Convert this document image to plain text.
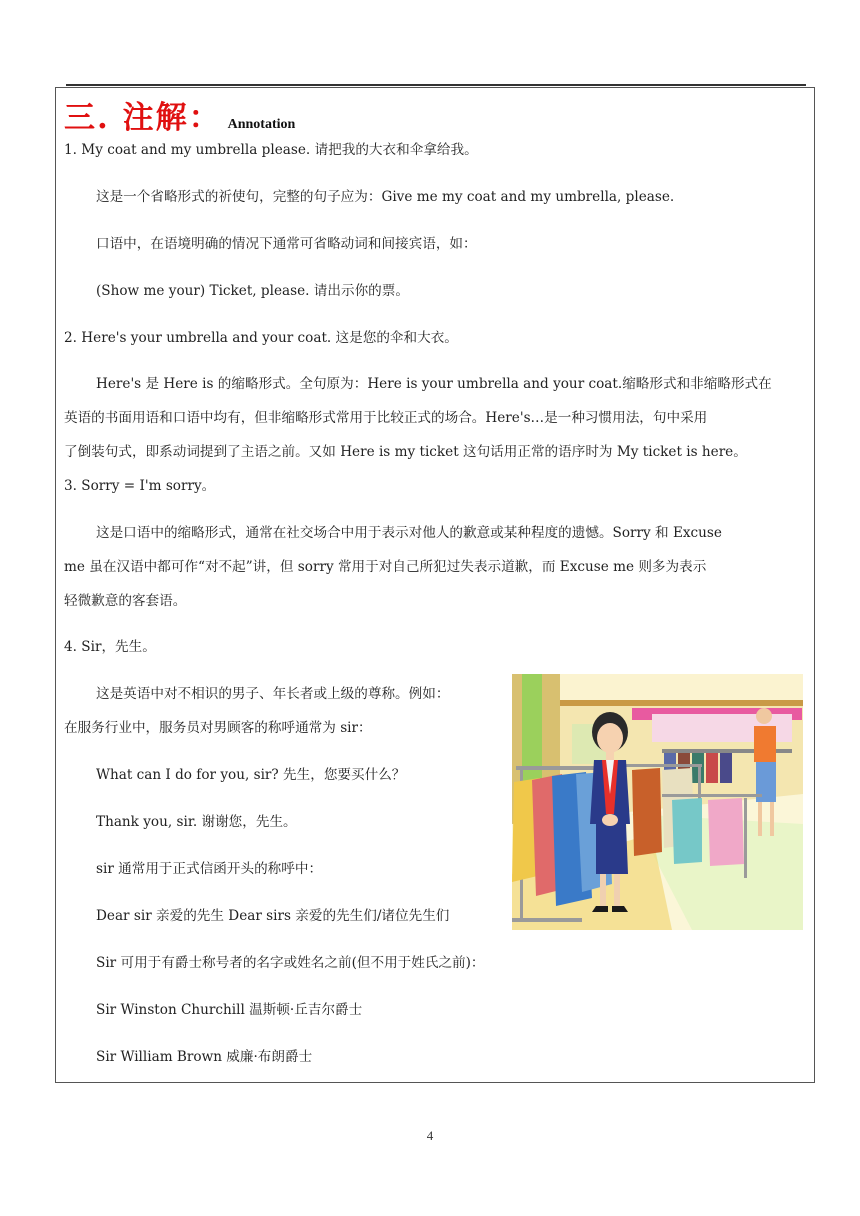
三. 注解： Annotation
1. My coat and my umbrella please. 请把我的大衣和伞拿给我。
这是一个省略形式的祈使句，完整的句子应为：Give me my coat and my umbrella, please.
口语中，在语境明确的情况下通常可省略动词和间接宾语，如：
(Show me your) Ticket, please. 请出示你的票。
2. Here's your umbrella and your coat. 这是您的伞和大衣。
Here's 是 Here is 的缩略形式。全句原为：Here is your umbrella and your coat.缩略形式和非缩略形式在
英语的书面用语和口语中均有，但非缩略形式常用于比较正式的场合。Here's…是一种习惯用法，句中采用
了倒装句式，即系动词提到了主语之前。又如 Here is my ticket 这句话用正常的语序时为 My ticket is here。
3. Sorry = I'm sorry。
这是口语中的缩略形式，通常在社交场合中用于表示对他人的歉意或某种程度的遗憾。Sorry 和 Excuse
me 虽在汉语中都可作“对不起”讲，但 sorry 常用于对自己所犯过失表示道歉，而 Excuse me 则多为表示
轻微歉意的客套语。
4. Sir，先生。
这是英语中对不相识的男子、年长者或上级的尊称。例如：
在服务行业中，服务员对男顾客的称呼通常为 sir：
What can I do for you, sir? 先生，您要买什么？
Thank you, sir. 谢谢您，先生。
sir 通常用于正式信函开头的称呼中：
Dear sir 亲爱的先生 Dear sirs 亲爱的先生们/诸位先生们
Sir 可用于有爵士称号者的名字或姓名之前(但不用于姓氏之前)：
Sir Winston Churchill 温斯顿·丘吉尔爵士
Sir William Brown 威廉·布朗爵士
4
